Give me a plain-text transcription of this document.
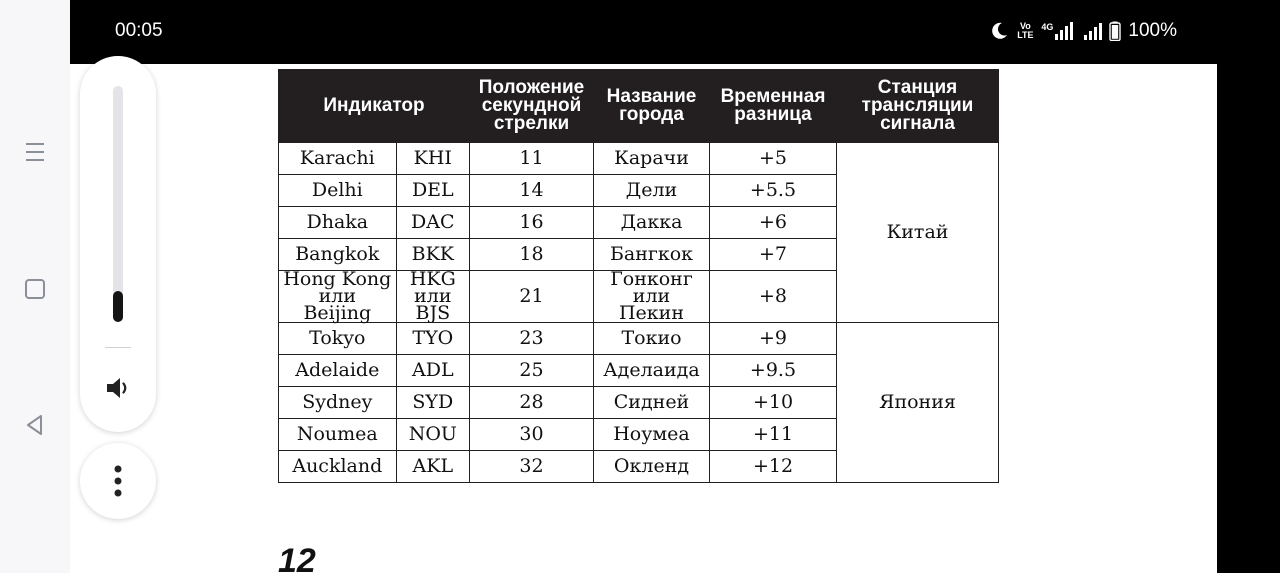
00:05	Vo LTE
4G	100%
Индикатор		Положение секундной стрелки	Название города	Временная разница	Станция трансляции сигнала
Karachi	KHI	11	Карачи	+5	Китай
Delhi	DEL	14	Дели	+5.5	
Dhaka	DAC	16	Дакка	+6	
Bangkok	BKK	18	Бангкок	+7	
Hong Kong или Beijing	HKG или BJS	21	Гонконг или Пекин	+8	
Tokyo	TYO	23	Токио	+9	Япония
Adelaide	ADL	25	Аделаида	+9.5	
Sydney	SYD	28	Сидней	+10	
Noumea	NOU	30	Ноумеа	+11	
Auckland	AKL	32	Окленд	+12	
12
